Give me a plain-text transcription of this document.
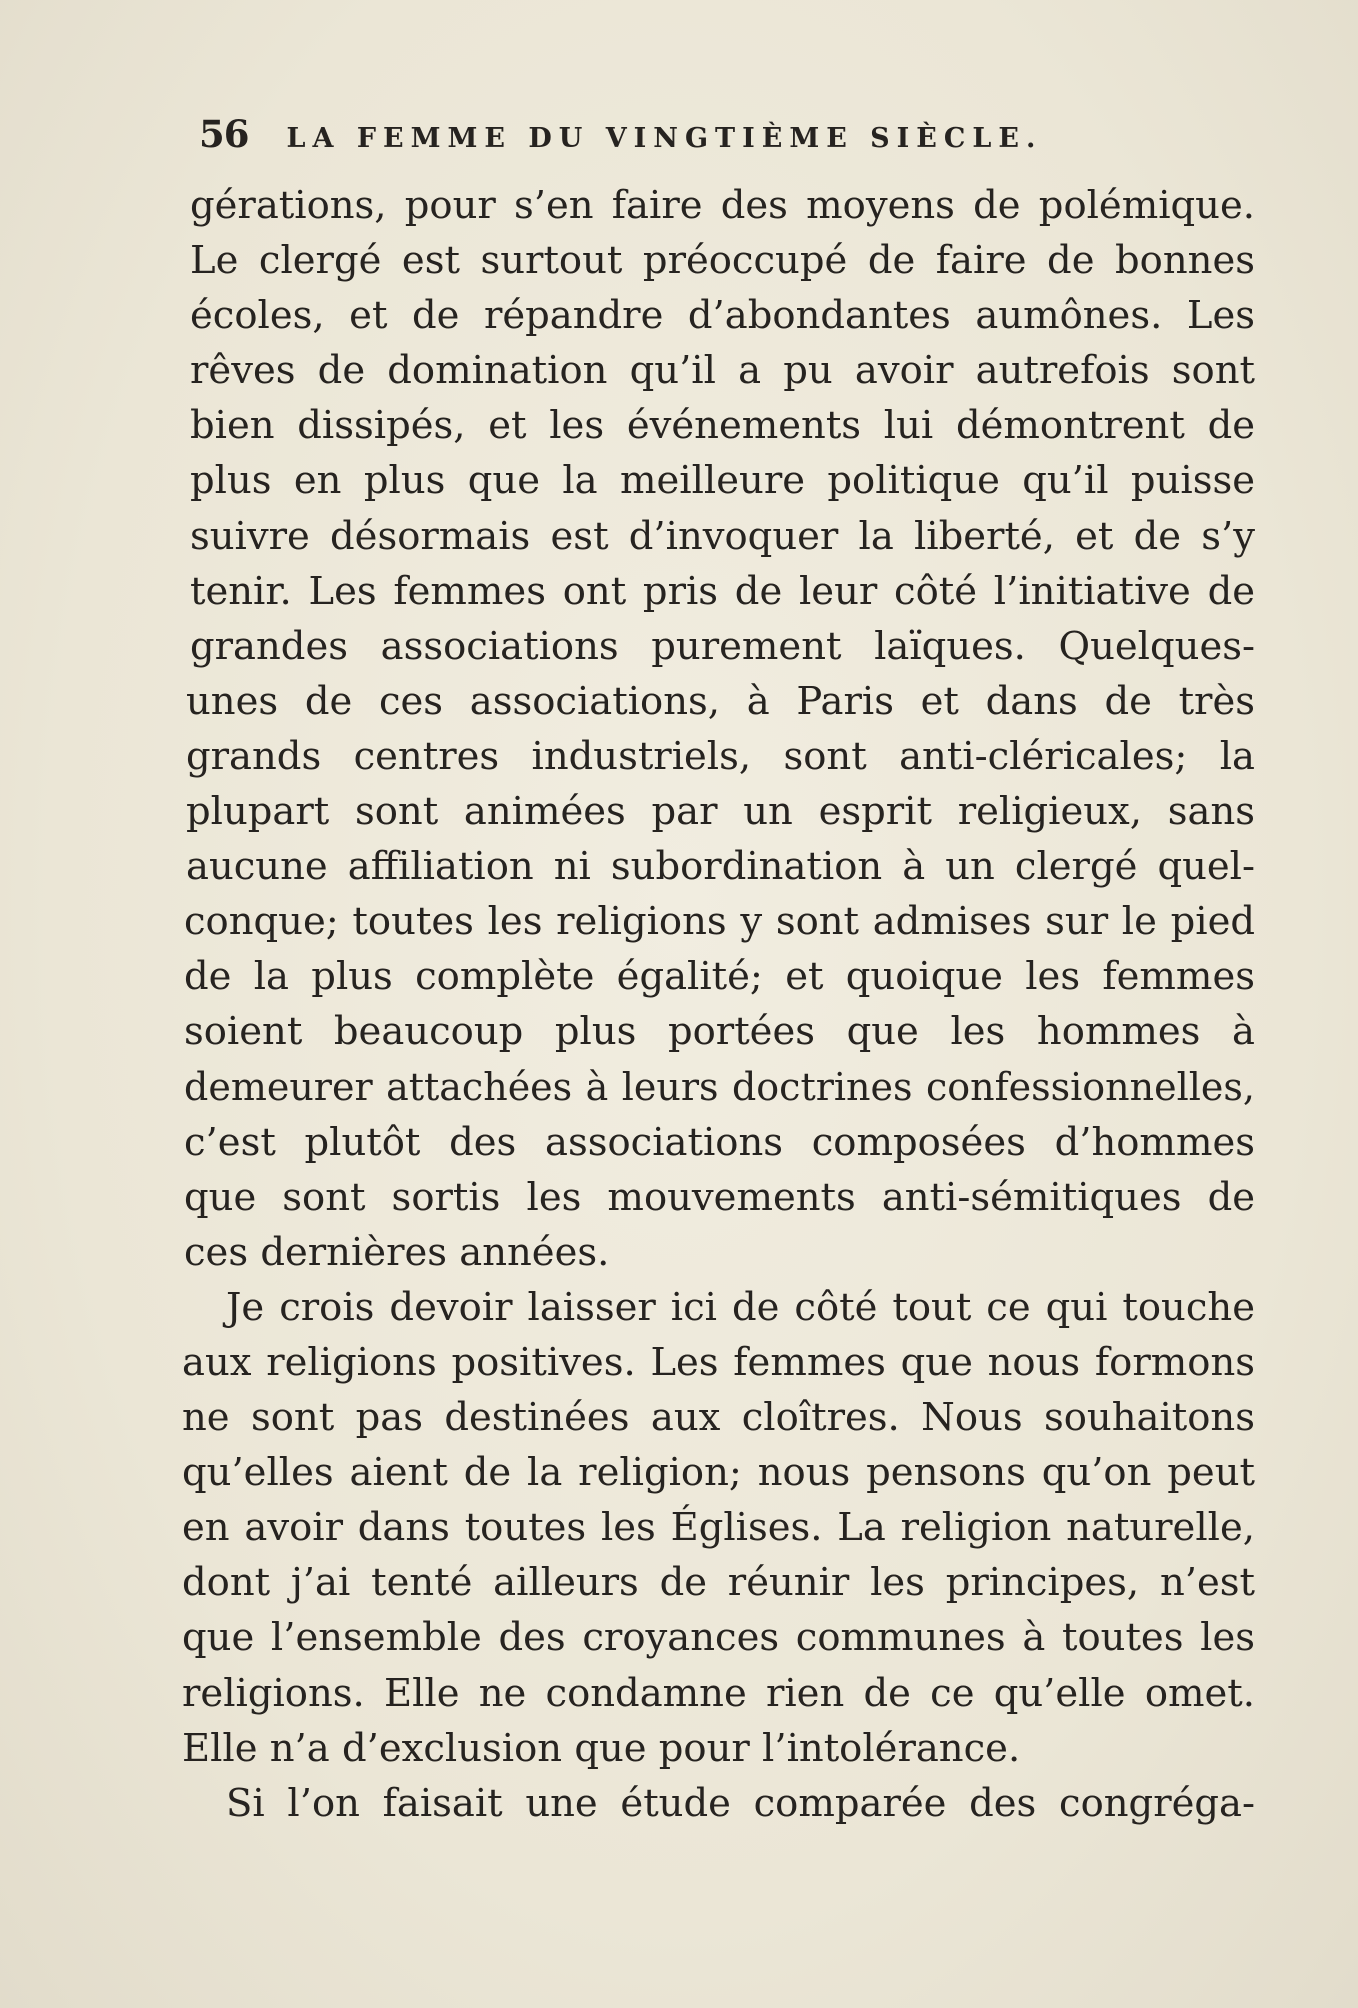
56 LA FEMME DU VINGTIÈME SIÈCLE.
gérations, pour s’en faire des moyens de polémique.
Le clergé est surtout préoccupé de faire de bonnes
écoles, et de répandre d’abondantes aumônes. Les
rêves de domination qu’il a pu avoir autrefois sont
bien dissipés, et les événements lui démontrent de
plus en plus que la meilleure politique qu’il puisse
suivre désormais est d’invoquer la liberté, et de s’y
tenir. Les femmes ont pris de leur côté l’initiative de
grandes associations purement laïques. Quelques-
unes de ces associations, à Paris et dans de très
grands centres industriels, sont anti-cléricales; la
plupart sont animées par un esprit religieux, sans
aucune affiliation ni subordination à un clergé quel-
conque; toutes les religions y sont admises sur le pied
de la plus complète égalité; et quoique les femmes
soient beaucoup plus portées que les hommes à
demeurer attachées à leurs doctrines confessionnelles,
c’est plutôt des associations composées d’hommes
que sont sortis les mouvements anti-sémitiques de
ces dernières années.
Je crois devoir laisser ici de côté tout ce qui touche
aux religions positives. Les femmes que nous formons
ne sont pas destinées aux cloîtres. Nous souhaitons
qu’elles aient de la religion; nous pensons qu’on peut
en avoir dans toutes les Églises. La religion naturelle,
dont j’ai tenté ailleurs de réunir les principes, n’est
que l’ensemble des croyances communes à toutes les
religions. Elle ne condamne rien de ce qu’elle omet.
Elle n’a d’exclusion que pour l’intolérance.
Si l’on faisait une étude comparée des congréga-
